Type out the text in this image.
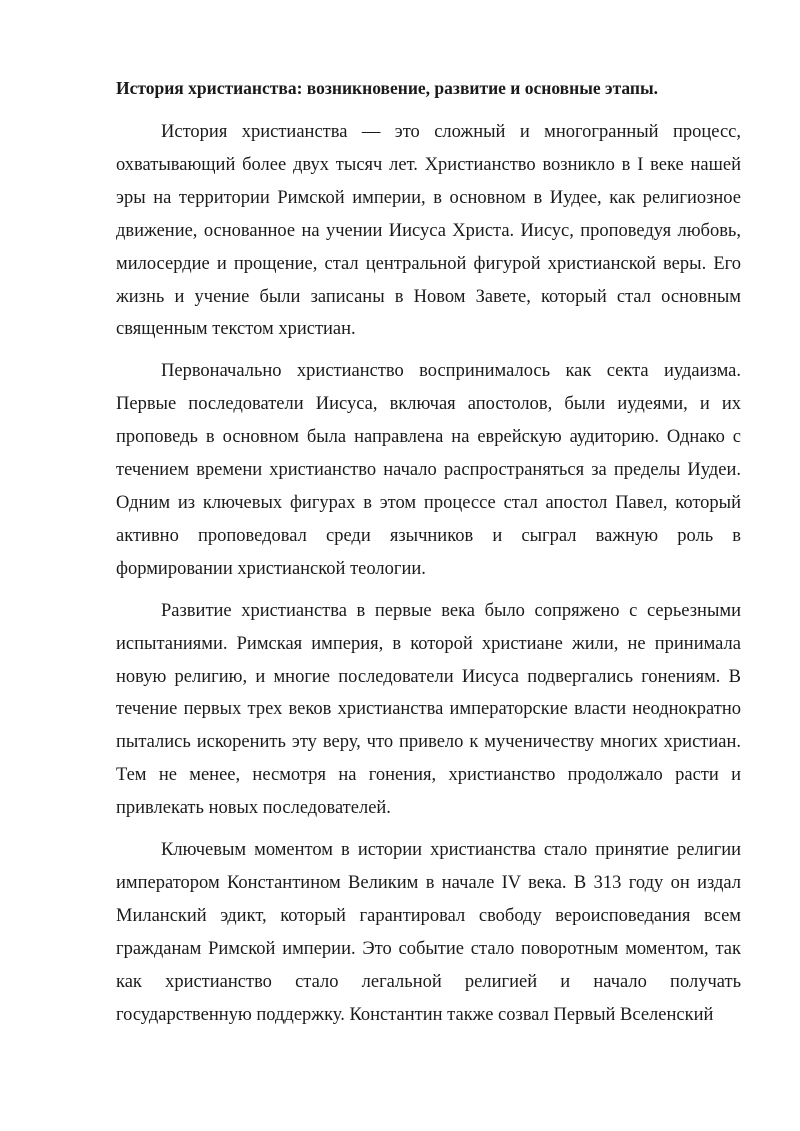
История христианства: возникновение, развитие и основные этапы.

История христианства — это сложный и многогранный процесс, охватывающий более двух тысяч лет. Христианство возникло в I веке нашей эры на территории Римской империи, в основном в Иудее, как религиозное движение, основанное на учении Иисуса Христа. Иисус, проповедуя любовь, милосердие и прощение, стал центральной фигурой христианской веры. Его жизнь и учение были записаны в Новом Завете, который стал основным священным текстом христиан.

Первоначально христианство воспринималось как секта иудаизма. Первые последователи Иисуса, включая апостолов, были иудеями, и их проповедь в основном была направлена на еврейскую аудиторию. Однако с течением времени христианство начало распространяться за пределы Иудеи. Одним из ключевых фигурах в этом процессе стал апостол Павел, который активно проповедовал среди язычников и сыграл важную роль в формировании христианской теологии.

Развитие христианства в первые века было сопряжено с серьезными испытаниями. Римская империя, в которой христиане жили, не принимала новую религию, и многие последователи Иисуса подвергались гонениям. В течение первых трех веков христианства императорские власти неоднократно пытались искоренить эту веру, что привело к мученичеству многих христиан. Тем не менее, несмотря на гонения, христианство продолжало расти и привлекать новых последователей.

Ключевым моментом в истории христианства стало принятие религии императором Константином Великим в начале IV века. В 313 году он издал Миланский эдикт, который гарантировал свободу вероисповедания всем гражданам Римской империи. Это событие стало поворотным моментом, так как христианство стало легальной религией и начало получать государственную поддержку. Константин также созвал Первый Вселенский
